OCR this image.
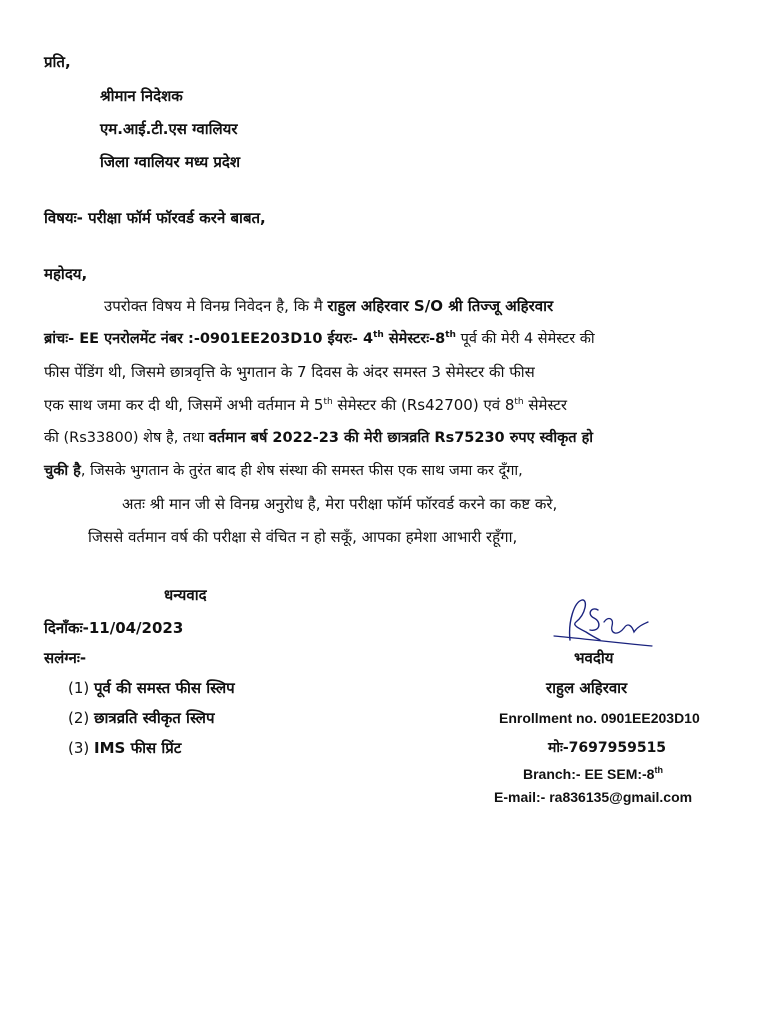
प्रति,
श्रीमान निदेशक
एम.आई.टी.एस ग्वालियर
जिला ग्वालियर मध्य प्रदेश
विषयः- परीक्षा फॉर्म फॉरवर्ड करने बाबत,
महोदय,
उपरोक्त विषय मे विनम्र निवेदन है, कि मै राहुल अहिरवार S/O श्री तिज्जू अहिरवार
ब्रांचः- EE एनरोलमेंट नंबर :-0901EE203D10 ईयरः- 4th सेमेस्टरः-8th पूर्व की मेरी 4 सेमेस्टर की
फीस पेंडिंग थी, जिसमे छात्रवृत्ति के भुगतान के 7 दिवस के अंदर समस्त 3 सेमेस्टर की फीस
एक साथ जमा कर दी थी, जिसमें अभी वर्तमान मे 5th सेमेस्टर की (Rs42700) एवं 8th सेमेस्टर
की (Rs33800) शेष है, तथा वर्तमान बर्ष 2022-23 की मेरी छात्रव्रति Rs75230 रुपए स्वीकृत हो
चुकी है, जिसके भुगतान के तुरंत बाद ही शेष संस्था की समस्त फीस एक साथ जमा कर दूँगा,
अतः श्री मान जी से विनम्र अनुरोध है, मेरा परीक्षा फॉर्म फॉरवर्ड करने का कष्ट करे,
जिससे वर्तमान वर्ष की परीक्षा से वंचित न हो सकूँ, आपका हमेशा आभारी रहूँगा,
धन्यवाद
दिनाँकः-11/04/2023
सलंग्नः-
(1) पूर्व की समस्त फीस स्लिप
(2) छात्रव्रति स्वीकृत स्लिप
(3) IMS फीस प्रिंट
भवदीय
राहुल अहिरवार
Enrollment no. 0901EE203D10
मोः-7697959515
Branch:- EE SEM:-8th
E-mail:- ra836135@gmail.com
